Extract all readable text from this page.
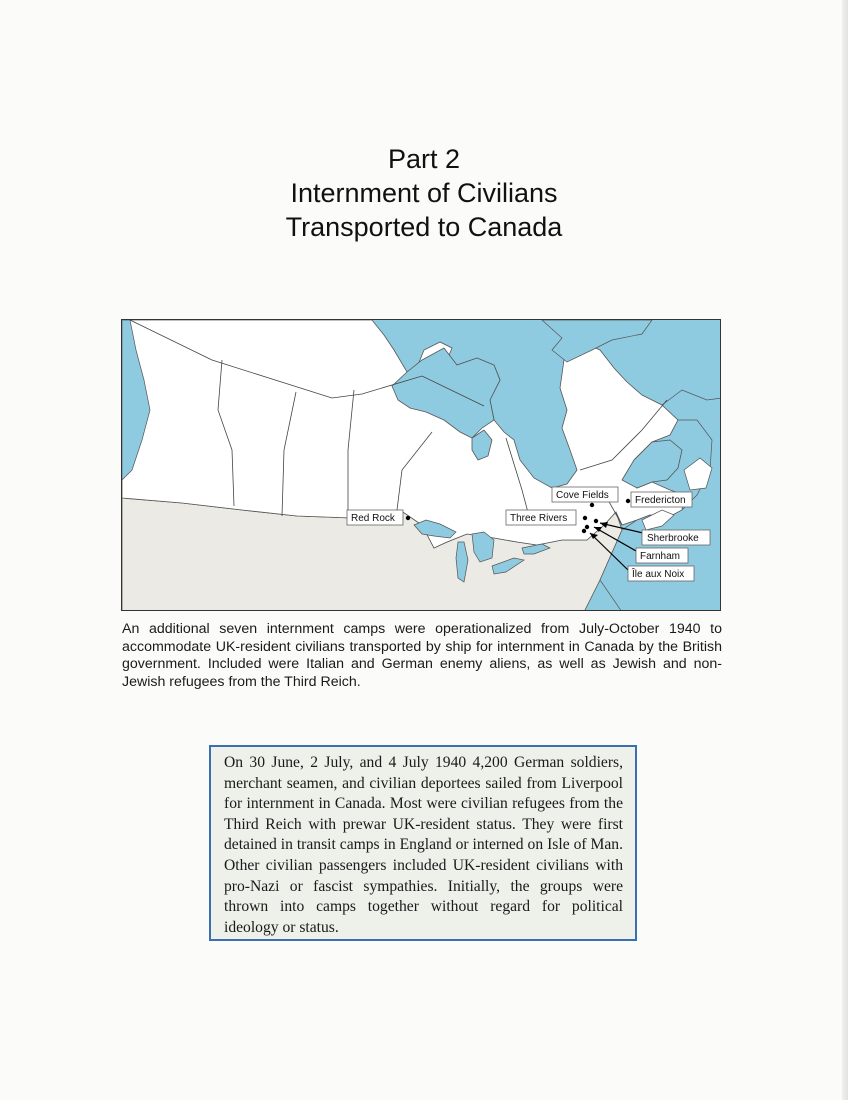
Part 2
Internment of Civilians
Transported to Canada
Red Rock
Cove Fields	Fredericton
Three Rivers
Sherbrooke
Farnham
Île aux Noix
An additional seven internment camps were operationalized from July-October 1940 to accommodate UK-resident civilians transported by ship for internment in Canada by the British government. Included were Italian and German enemy aliens, as well as Jewish and non-Jewish refugees from the Third Reich.
On 30 June, 2 July, and 4 July 1940 4,200 German soldiers, merchant seamen, and civilian deportees sailed from Liverpool for internment in Canada. Most were civilian refugees from the Third Reich with prewar UK-resident status. They were first detained in transit camps in England or interned on Isle of Man. Other civilian passengers included UK-resident civilians with pro-Nazi or fascist sympathies. Initially, the groups were thrown into camps together without regard for political ideology or status.
